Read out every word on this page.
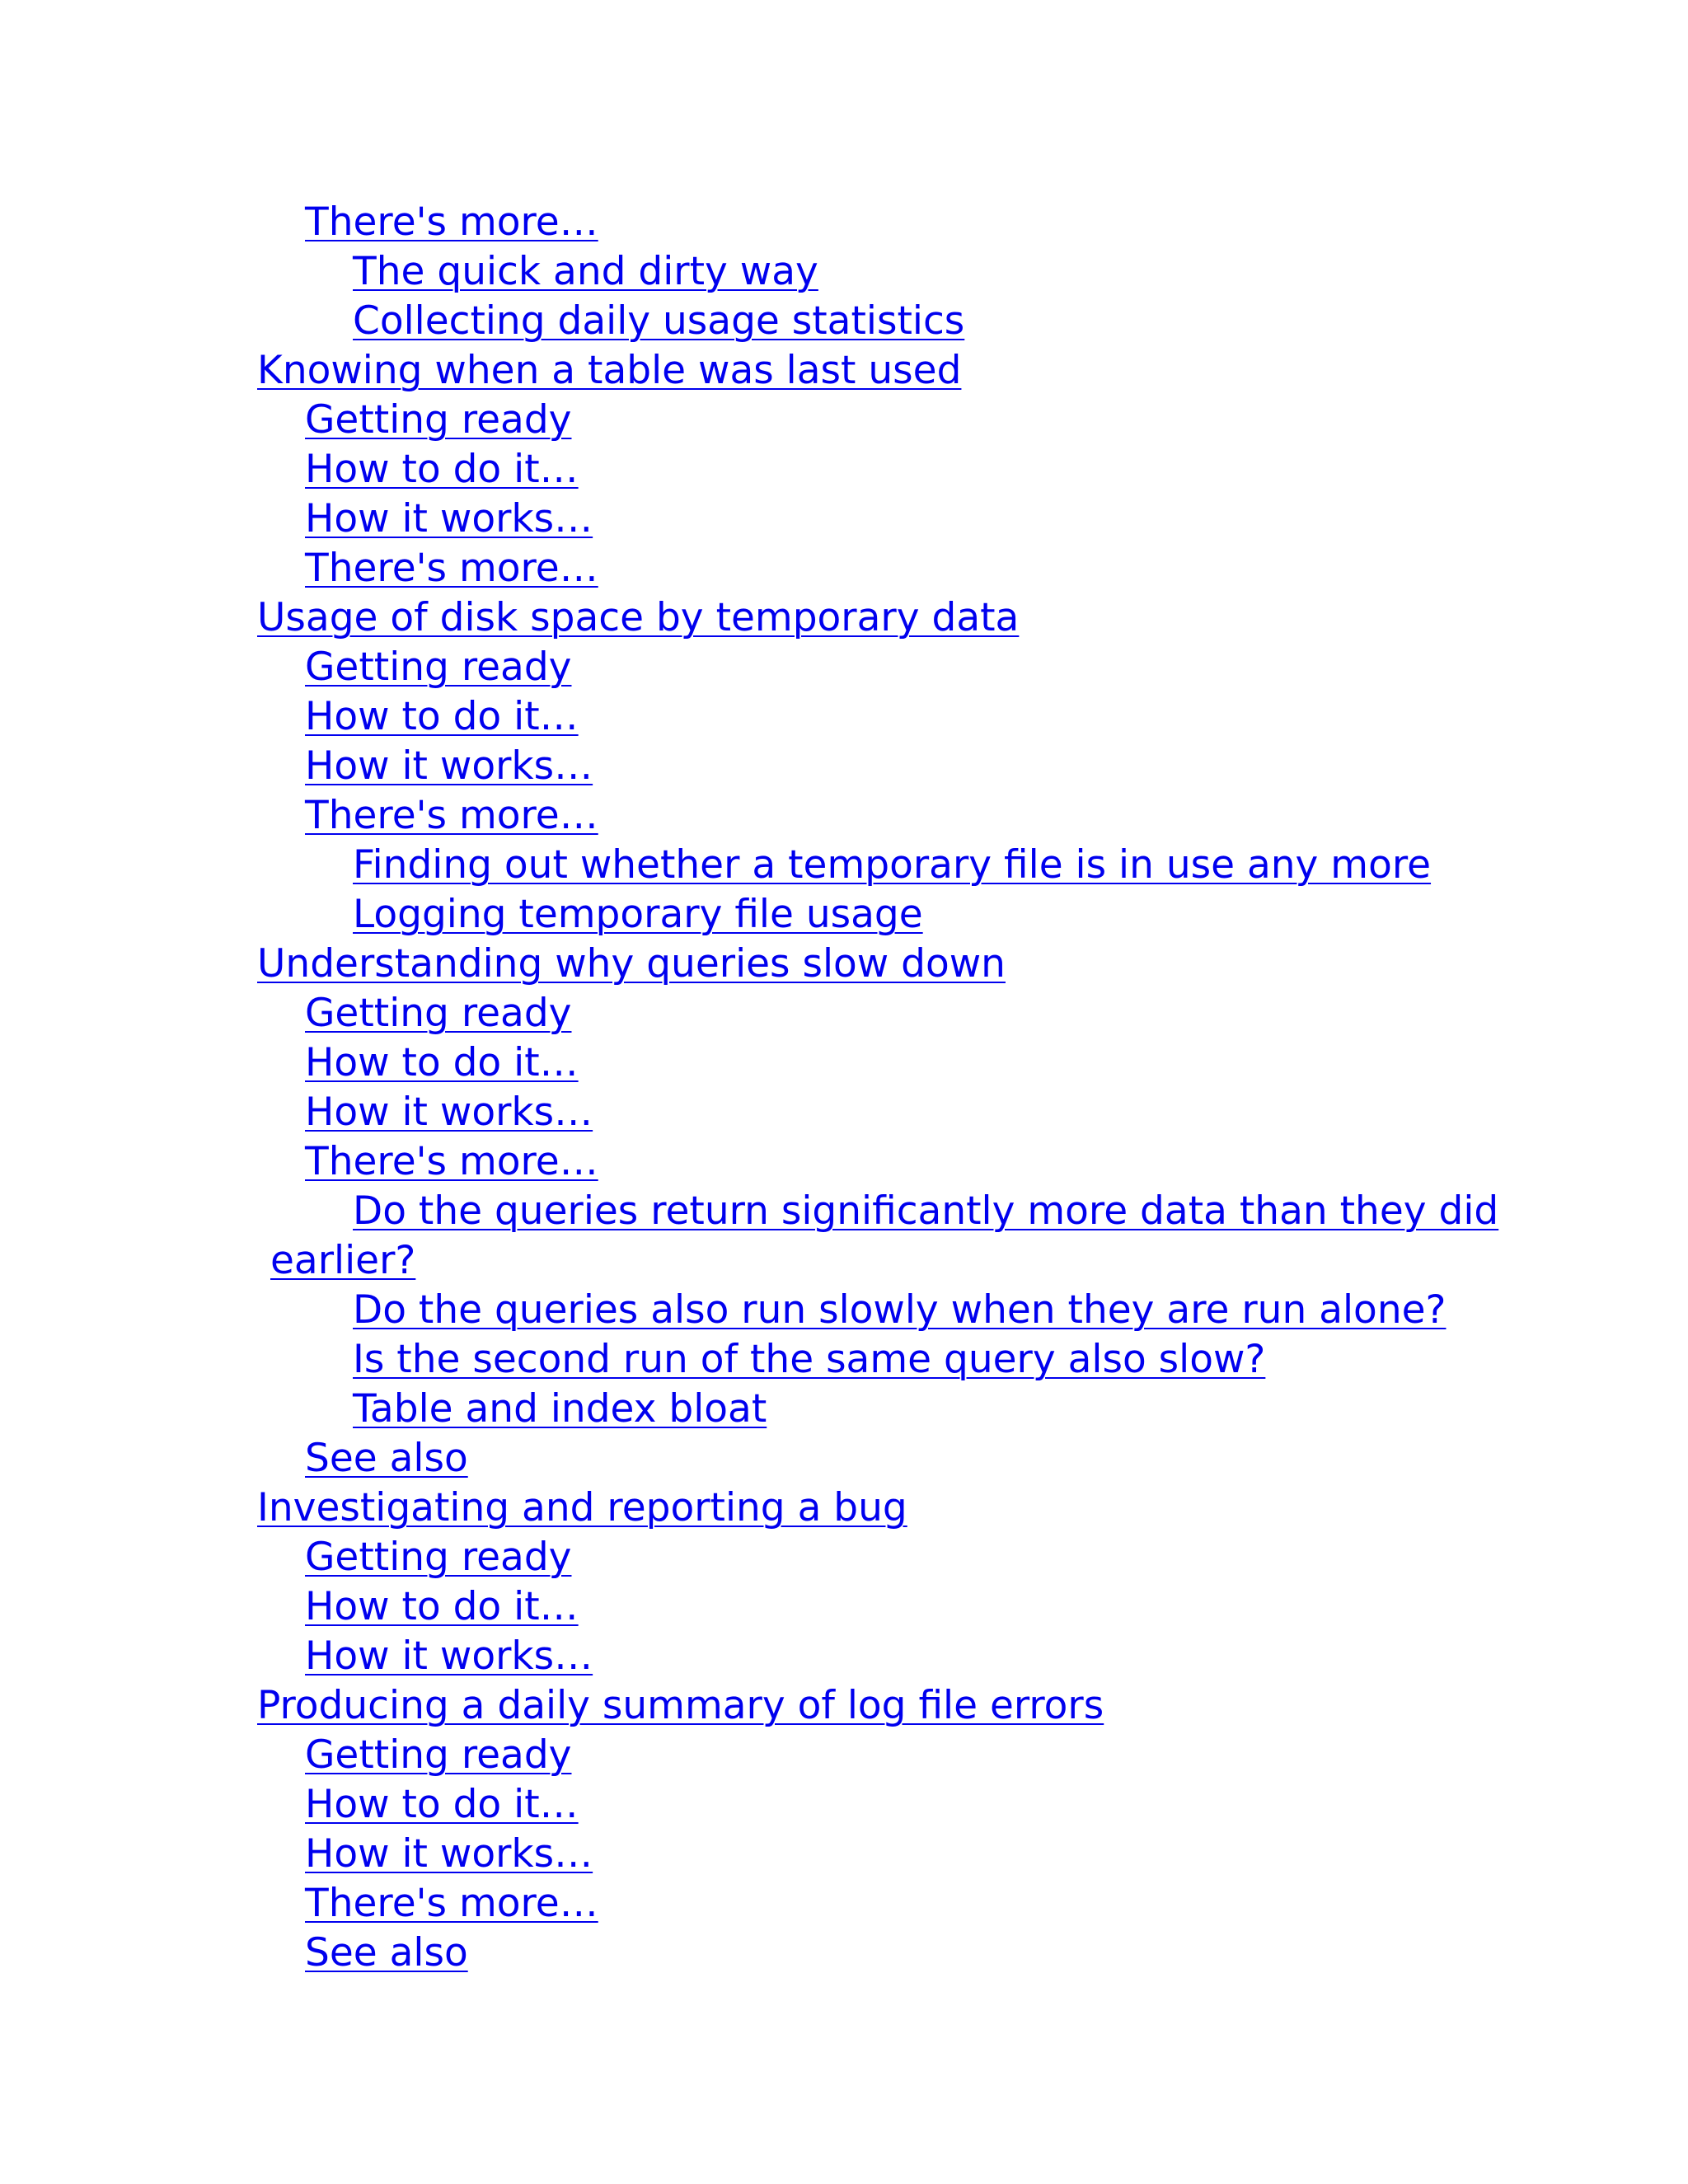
There's more…
The quick and dirty way
Collecting daily usage statistics
Knowing when a table was last used
Getting ready
How to do it…
How it works…
There's more…
Usage of disk space by temporary data
Getting ready
How to do it…
How it works…
There's more…
Finding out whether a temporary file is in use any more
Logging temporary file usage
Understanding why queries slow down
Getting ready
How to do it…
How it works…
There's more…
Do the queries return significantly more data than they did
earlier?
Do the queries also run slowly when they are run alone?
Is the second run of the same query also slow?
Table and index bloat
See also
Investigating and reporting a bug
Getting ready
How to do it…
How it works…
Producing a daily summary of log file errors
Getting ready
How to do it…
How it works…
There's more…
See also
